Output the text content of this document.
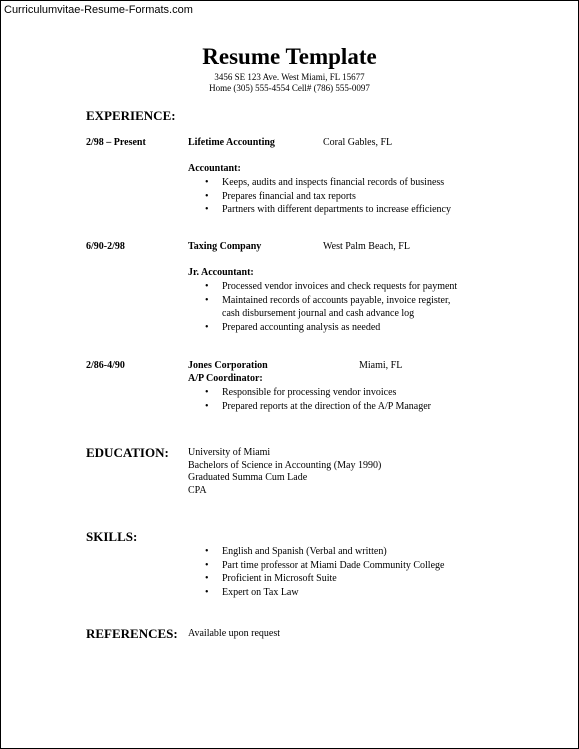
Curriculumvitae-Resume-Formats.com
Resume Template
3456 SE 123 Ave. West Miami, FL 15677
Home (305) 555-4554 Cell# (786) 555-0097
EXPERIENCE:
2/98 – Present	Lifetime Accounting	Coral Gables, FL
Accountant:
• Keeps, audits and inspects financial records of business
• Prepares financial and tax reports
• Partners with different departments to increase efficiency
6/90-2/98	Taxing Company	West Palm Beach, FL
Jr. Accountant:
• Processed vendor invoices and check requests for payment
• Maintained records of accounts payable, invoice register,
cash disbursement journal and cash advance log
• Prepared accounting analysis as needed
2/86-4/90	Jones Corporation	Miami, FL
A/P Coordinator:
• Responsible for processing vendor invoices
• Prepared reports at the direction of the A/P Manager
EDUCATION: University of Miami
Bachelors of Science in Accounting (May 1990)
Graduated Summa Cum Lade
CPA
SKILLS:
• English and Spanish (Verbal and written)
• Part time professor at Miami Dade Community College
• Proficient in Microsoft Suite
• Expert on Tax Law
REFERENCES: Available upon request
